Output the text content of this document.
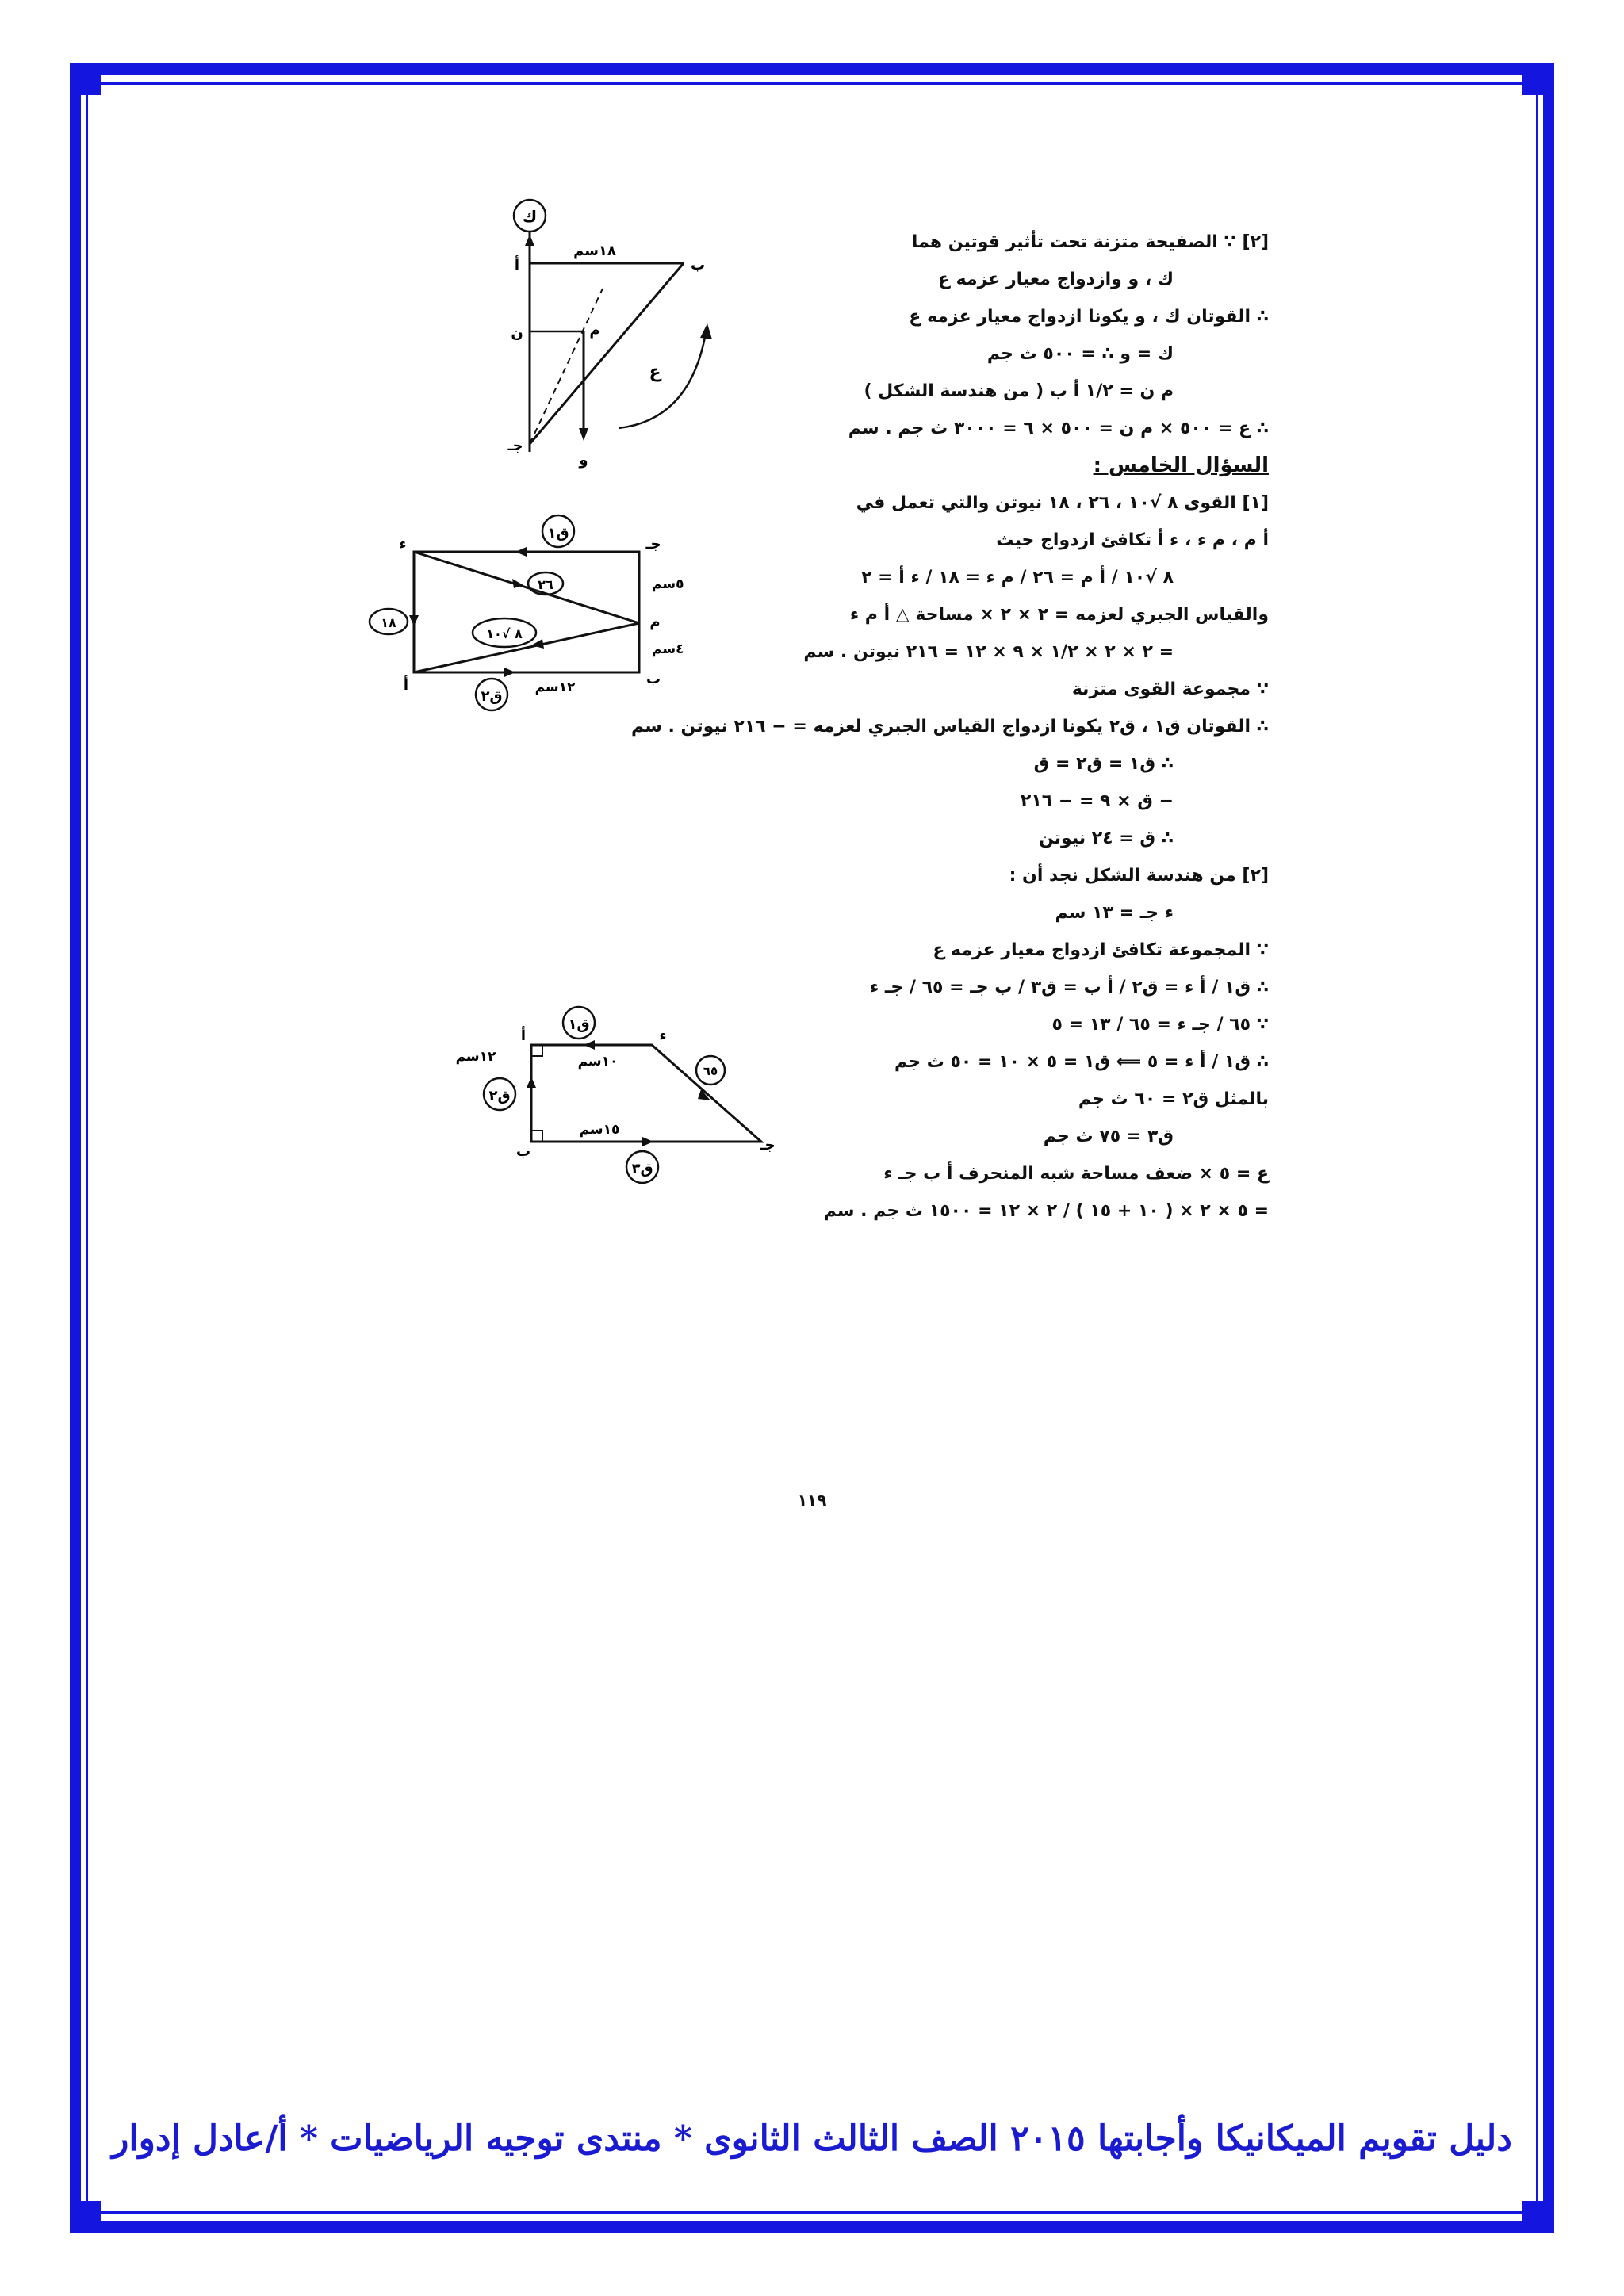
[٢] ∵ الصفيحة متزنة تحت تأثير قوتين هما
ﻙ ، و وازدواج معيار عزمه ع
∴ القوتان ﻙ ، و يكونا ازدواج معيار عزمه ع
ﻙ = و ∴ = ٥٠٠ ث جم
م ن = ١/٢ أ ب ( من هندسة الشكل )
∴ ع = ٥٠٠ × م ن = ٥٠٠ × ٦ = ٣٠٠٠ ث جم . سم
السؤال الخامس :
[١] القوى ٨ √١٠ ، ٢٦ ، ١٨ نيوتن والتي تعمل في
أ م ، م ء ، ء أ تكافئ ازدواج حيث
٨ √١٠ / أ م = ٢٦ / م ء = ١٨ / ء أ = ٢
والقياس الجبري لعزمه = ٢ × ٢ × مساحة △ أ م ء
= ٢ × ٢ × ١/٢ × ٩ × ١٢ = ٢١٦ نيوتن . سم
∵ مجموعة القوى متزنة
∴ القوتان ق١ ، ق٢ يكونا ازدواج القياس الجبري لعزمه = − ٢١٦ نيوتن . سم
∴ ق١ = ق٢ = ق
− ق × ٩ = − ٢١٦
∴ ق = ٢٤ نيوتن
[٢] من هندسة الشكل نجد أن :
ء جـ = ١٣ سم
∵ المجموعة تكافئ ازدواج معيار عزمه ع
∴ ق١ / أ ء = ق٢ / أ ب = ق٣ / ب جـ = ٦٥ / جـ ء
∵ ٦٥ / جـ ء = ٦٥ / ١٣ = ٥
∴ ق١ / أ ء = ٥ ⟸ ق١ = ٥ × ١٠ = ٥٠ ث جم
بالمثل ق٢ = ٦٠ ث جم
ق٣ = ٧٥ ث جم
ع = ٥ × ضعف مساحة شبه المنحرف أ ب جـ ء
= ٥ × ٢ × ( ١٠ + ١٥ ) / ٢ × ١٢ = ١٥٠٠ ث جم . سم
ﻙ
١٨سم
أ	ب
ن	م
جـ
و
ع
ق١
ق٢
٢٦
١٨
٨ √١٠
ء	جـ
م
ب
أ
٥سم
٤سم
١٢سم
ق١
ق٢
ق٣
٦٥
أ	ء
جـ
ب
١٠سم
١٢سم
١٥سم
١١٩
دليل تقويم الميكانيكا وأجابتها ٢٠١٥ الصف الثالث الثانوى * منتدى توجيه الرياضيات * أ/عادل إدوار
